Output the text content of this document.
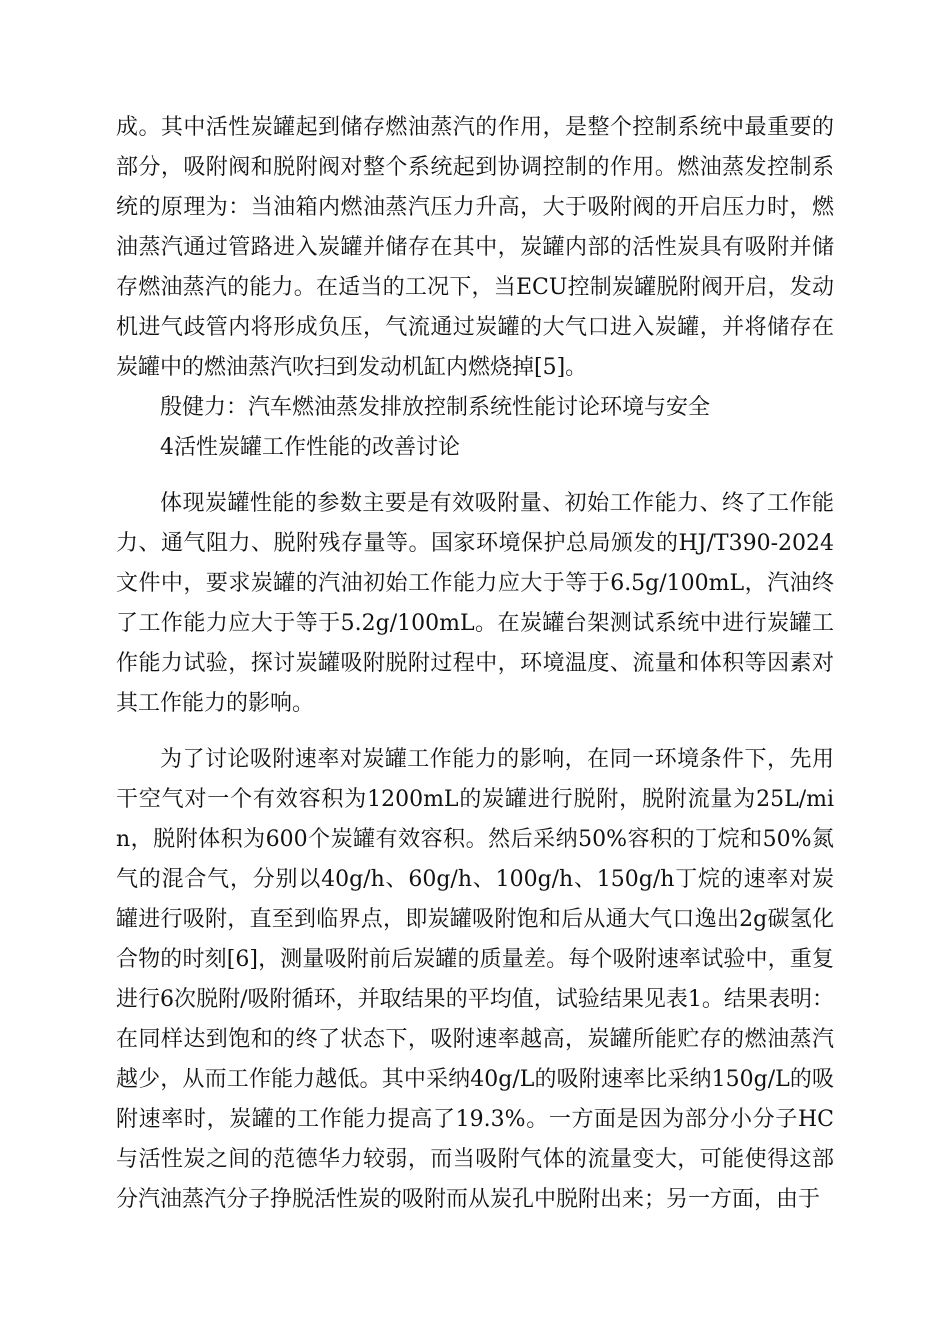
成。其中活性炭罐起到储存燃油蒸汽的作用，是整个控制系统中最重要的部分，吸附阀和脱附阀对整个系统起到协调控制的作用。燃油蒸发控制系统的原理为：当油箱内燃油蒸汽压力升高，大于吸附阀的开启压力时，燃油蒸汽通过管路进入炭罐并储存在其中，炭罐内部的活性炭具有吸附并储存燃油蒸汽的能力。在适当的工况下，当ECU控制炭罐脱附阀开启，发动机进气歧管内将形成负压，气流通过炭罐的大气口进入炭罐，并将储存在炭罐中的燃油蒸汽吹扫到发动机缸内燃烧掉[5]。

殷健力：汽车燃油蒸发排放控制系统性能讨论环境与安全

4活性炭罐工作性能的改善讨论

体现炭罐性能的参数主要是有效吸附量、初始工作能力、终了工作能力、通气阻力、脱附残存量等。国家环境保护总局颁发的HJ/T390-2024文件中，要求炭罐的汽油初始工作能力应大于等于6.5g/100mL，汽油终了工作能力应大于等于5.2g/100mL。在炭罐台架测试系统中进行炭罐工作能力试验，探讨炭罐吸附脱附过程中，环境温度、流量和体积等因素对其工作能力的影响。

为了讨论吸附速率对炭罐工作能力的影响，在同一环境条件下，先用干空气对一个有效容积为1200mL的炭罐进行脱附，脱附流量为25L/min，脱附体积为600个炭罐有效容积。然后采纳50%容积的丁烷和50%氮气的混合气，分别以40g/h、60g/h、100g/h、150g/h丁烷的速率对炭罐进行吸附，直至到临界点，即炭罐吸附饱和后从通大气口逸出2g碳氢化合物的时刻[6]，测量吸附前后炭罐的质量差。每个吸附速率试验中，重复进行6次脱附/吸附循环，并取结果的平均值，试验结果见表1。结果表明：在同样达到饱和的终了状态下，吸附速率越高，炭罐所能贮存的燃油蒸汽越少，从而工作能力越低。其中采纳40g/L的吸附速率比采纳150g/L的吸附速率时，炭罐的工作能力提高了19.3%。一方面是因为部分小分子HC与活性炭之间的范德华力较弱，而当吸附气体的流量变大，可能使得这部分汽油蒸汽分子挣脱活性炭的吸附而从炭孔中脱附出来；另一方面，由于
